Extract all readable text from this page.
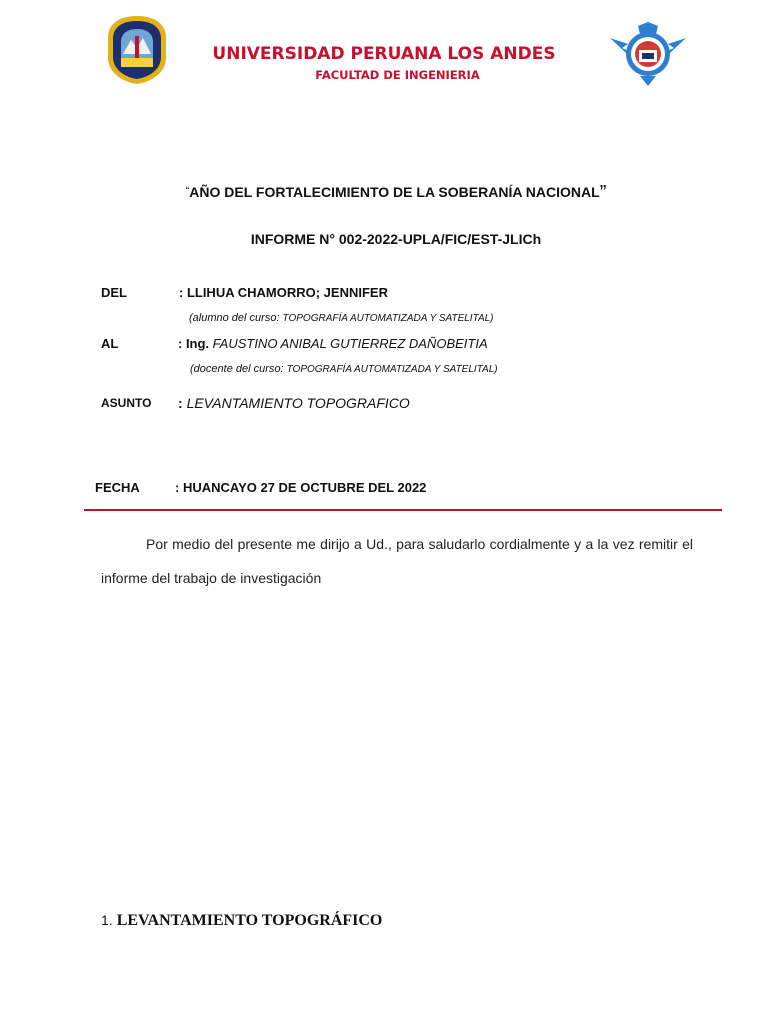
UNIVERSIDAD PERUANA LOS ANDES
FACULTAD DE INGENIERIA
“AÑO DEL FORTALECIMIENTO DE LA SOBERANÍA NACIONAL”
INFORME N° 002-2022-UPLA/FIC/EST-JLICh
DEL	: LLIHUA CHAMORRO; JENNIFER
(alumno del curso: TOPOGRAFÍA AUTOMATIZADA Y SATELITAL)
AL	: Ing. FAUSTINO ANIBAL GUTIERREZ DAÑOBEITIA
(docente del curso: TOPOGRAFÍA AUTOMATIZADA Y SATELITAL)
ASUNTO : LEVANTAMIENTO TOPOGRAFICO
FECHA	: HUANCAYO 27 DE OCTUBRE DEL 2022
Por medio del presente me dirijo a Ud., para saludarlo cordialmente y a la vez remitir el informe del trabajo de investigación
1. LEVANTAMIENTO TOPOGRÁFICO
